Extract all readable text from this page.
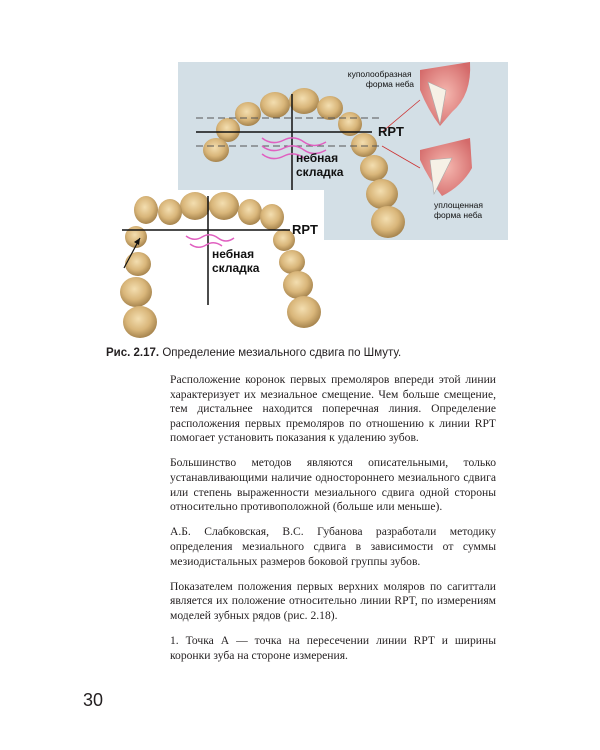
RPT
небная складка
куполообразная форма неба
уплощенная форма неба
RPT
небная складка
Рис. 2.17. Определение мезиального сдвига по Шмуту.

Расположение коронок первых премоляров впереди этой линии характеризует их мезиальное смещение. Чем больше смещение, тем дистальнее находится поперечная линия. Определение расположения первых премоляров по отношению к линии RPT помогает установить показания к удалению зубов.

Большинство методов являются описательными, только устанавливающими наличие одностороннего мезиального сдвига или степень выраженности мезиального сдвига одной стороны относительно противоположной (больше или меньше).

А.Б. Слабковская, В.С. Губанова разработали методику определения мезиального сдвига в зависимости от суммы мезиодистальных размеров боковой группы зубов.

Показателем положения первых верхних моляров по сагиттали является их положение относительно линии RPT, по измерениям моделей зубных рядов (рис. 2.18).

1. Точка А — точка на пересечении линии RPT и ширины коронки зуба на стороне измерения.

30
